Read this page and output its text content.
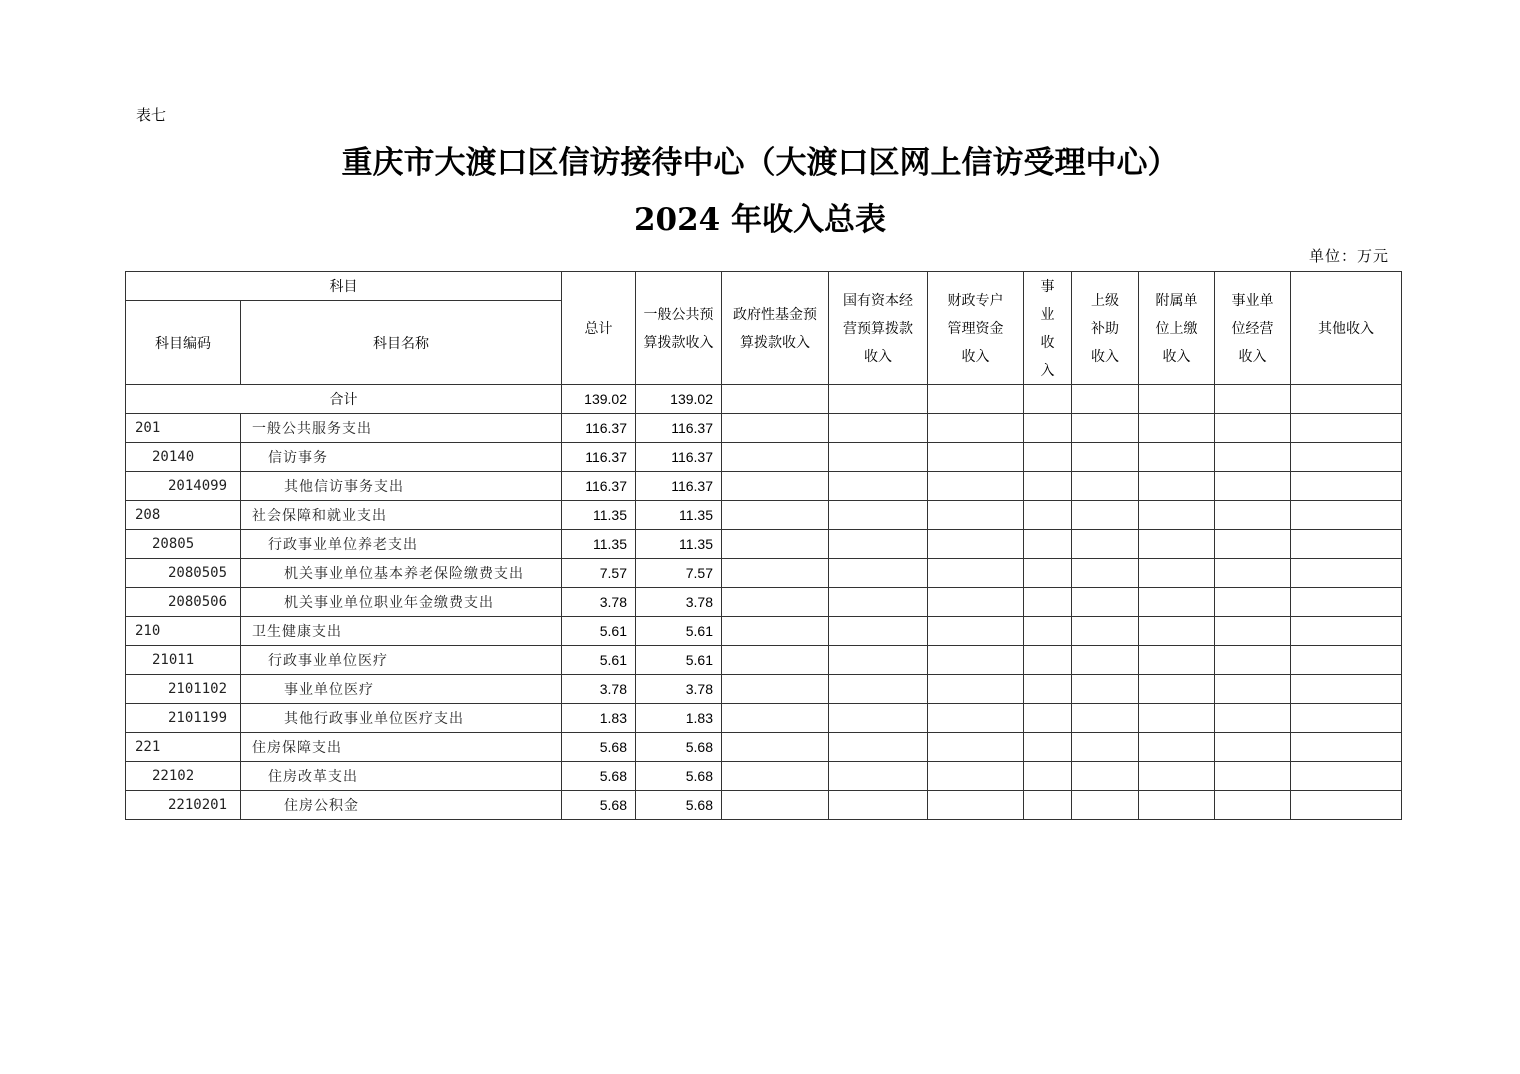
表七
重庆市大渡口区信访接待中心（大渡口区网上信访受理中心）
2024 年收入总表
单位：万元
科目		总计	一般公共预算拨款收入	政府性基金预算拨款收入	国有资本经营预算拨款收入	财政专户管理资金收入	事业收入	上级补助收入	附属单位上缴收入	事业单位经营收入	其他收入
科目编码	科目名称										
合计		139.02	139.02								
201	一般公共服务支出	116.37	116.37								
20140	信访事务	116.37	116.37								
2014099	其他信访事务支出	116.37	116.37								
208	社会保障和就业支出	11.35	11.35								
20805	行政事业单位养老支出	11.35	11.35								
2080505	机关事业单位基本养老保险缴费支出	7.57	7.57								
2080506	机关事业单位职业年金缴费支出	3.78	3.78								
210	卫生健康支出	5.61	5.61								
21011	行政事业单位医疗	5.61	5.61								
2101102	事业单位医疗	3.78	3.78								
2101199	其他行政事业单位医疗支出	1.83	1.83								
221	住房保障支出	5.68	5.68								
22102	住房改革支出	5.68	5.68								
2210201	住房公积金	5.68	5.68								
